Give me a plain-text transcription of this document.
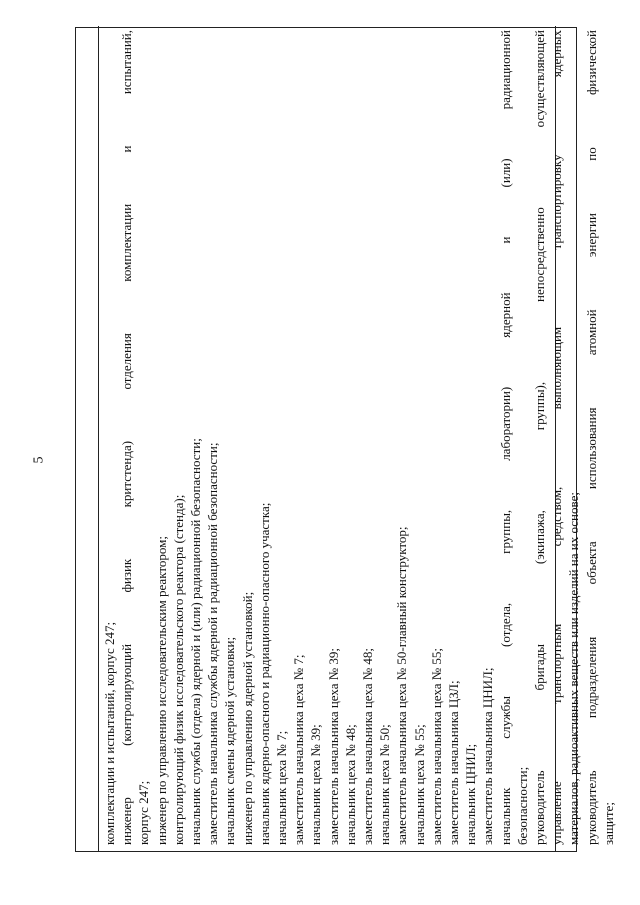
5
комплектации и испытаний, корпус 247; инженер (контролирующий физик критстенда) отделения комплектации и испытаний, корпус 247; инженер по управлению исследовательским реактором; контролирующий физик исследовательского реактора (стенда); начальник службы (отдела) ядерной и (или) радиационной безопасности; заместитель начальника службы ядерной и радиационной безопасности; начальник смены ядерной установки; инженер по управлению ядерной установкой; начальник ядерно-опасного и радиационно-опасного участка; начальник цеха № 7; заместитель начальника цеха № 7; начальник цеха № 39; заместитель начальника цеха № 39; начальник цеха № 48; заместитель начальника цеха № 48; начальник цеха № 50; заместитель начальника цеха № 50-главный конструктор; начальник цеха № 55; заместитель начальника цеха № 55; заместитель начальника ЦЗЛ; начальник ЦНИЛ; заместитель начальника ЦНИЛ; начальник службы (отдела, группы, лаборатории) ядерной и (или) радиационной безопасности; руководитель бригады (экипажа, группы), непосредственно осуществляющей управление транспортным средством, выполняющим транспортировку ядерных материалов, радиоактивных веществ или изделий на их основе; руководитель подразделения объекта использования атомной энергии по физической защите;
